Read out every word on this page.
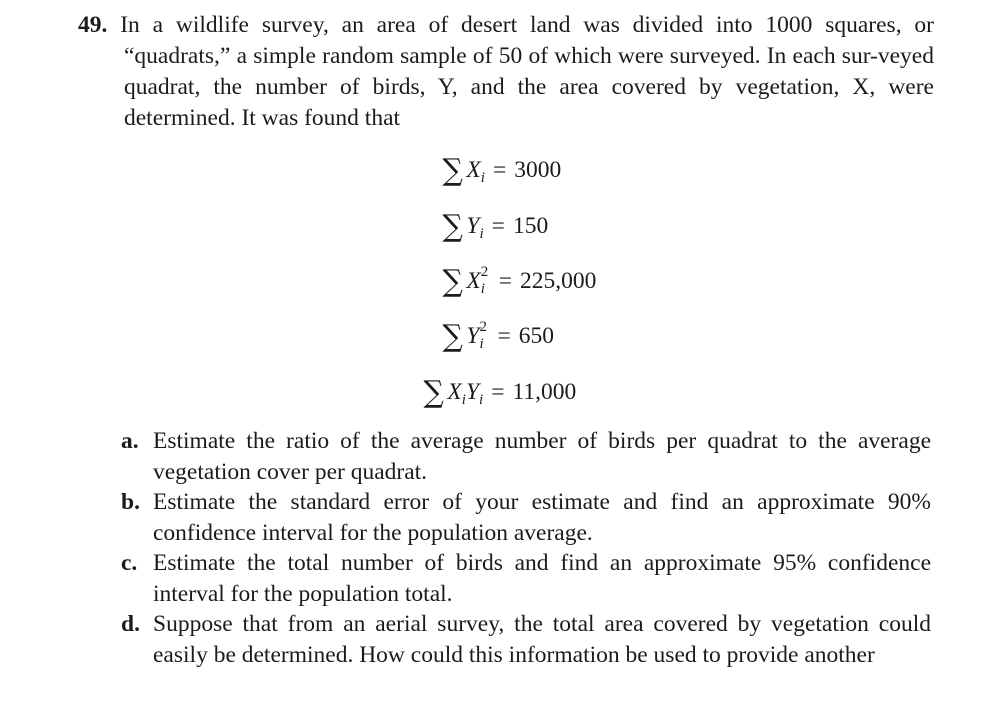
49. In a wildlife survey, an area of desert land was divided into 1000 squares, or “quadrats,” a simple random sample of 50 of which were surveyed. In each sur-veyed quadrat, the number of birds, Y, and the area covered by vegetation, X, were determined. It was found that
∑ $X_i = 3000$
∑ $Y_i = 150$
∑ X 2
i = 225,000
∑ Y 2
i = 650
∑ $X_iY_i = 11,000$
a. Estimate the ratio of the average number of birds per quadrat to the average vegetation cover per quadrat.
b. Estimate the standard error of your estimate and find an approximate 90% confidence interval for the population average.
c. Estimate the total number of birds and find an approximate 95% confidence interval for the population total.
d. Suppose that from an aerial survey, the total area covered by vegetation could easily be determined. How could this information be used to provide another
